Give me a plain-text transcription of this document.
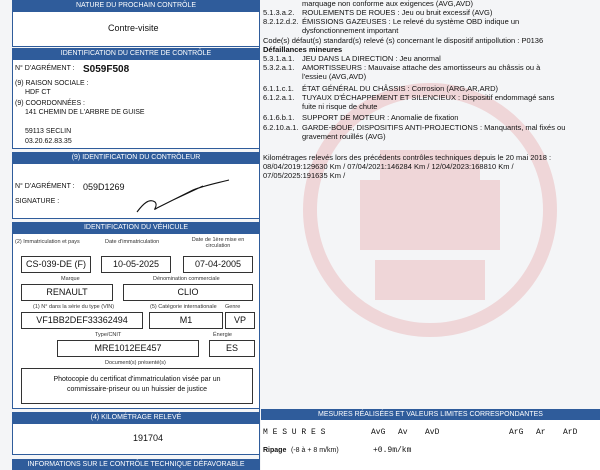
NATURE DU PROCHAIN CONTRÔLE
Contre-visite
IDENTIFICATION DU CENTRE DE CONTRÔLE
N° D'AGRÉMENT : S059F508
(9) RAISON SOCIALE :
HDF CT
(9) COORDONNÉES :
141 CHEMIN DE L'ARBRE DE GUISE
59113 SECLIN
03.20.62.83.35
(9) IDENTIFICATION DU CONTRÔLEUR
N° D'AGRÉMENT : 059D1269
SIGNATURE :
IDENTIFICATION DU VÉHICULE
(2) Immatriculation et pays	Date d'immatriculation	Date de 1ère mise en circulation
CS-039-DE (F)	10-05-2025	07-04-2005
Marque	Dénomination commerciale
RENAULT	CLIO
(1) N° dans la série du type (VIN)	(5) Catégorie internationale Genre
VF1BB2DEF33362494	M1	VP
Type/CNIT	Énergie
MRE1012EE457	ES
Document(s) présenté(s)
Photocopie du certificat d'immatriculation visée par un
commissaire-priseur ou un huissier de justice
(4) KILOMÉTRAGE RELEVÉ
191704
INFORMATIONS SUR LE CONTRÔLE TECHNIQUE DÉFAVORABLE
marquage non conforme aux exigences (AVG,AVD)
5.1.3.a.2. ROULEMENTS DE ROUES : Jeu ou bruit excessif (AVG)
8.2.12.d.2. ÉMISSIONS GAZEUSES : Le relevé du système OBD indique un
dysfonctionnement important
Code(s) défaut(s) standard(s) relevé (s) concernant le dispositif antipollution : P0136
Défaillances mineures
5.3.1.a.1. JEU DANS LA DIRECTION : Jeu anormal
5.3.2.a.1. AMORTISSEURS : Mauvaise attache des amortisseurs au châssis ou à
l'essieu (AVG,AVD)
6.1.1.c.1. ÉTAT GÉNÉRAL DU CHÂSSIS : Corrosion (ARG,AR,ARD)
6.1.2.a.1. TUYAUX D'ÉCHAPPEMENT ET SILENCIEUX : Dispositif endommagé sans
fuite ni risque de chute
6.1.6.b.1. SUPPORT DE MOTEUR : Anomalie de fixation
6.2.10.a.1. GARDE-BOUE, DISPOSITIFS ANTI-PROJECTIONS : Manquants, mal fixés ou
gravement rouillés (AVG)
Kilométrages relevés lors des précédents contrôles techniques depuis le 20 mai 2018 :
08/04/2019:129630 Km / 07/04/2021:146284 Km / 12/04/2023:168810 Km /
07/05/2025:191635 Km /
MESURES RÉALISÉES ET VALEURS LIMITES CORRESPONDANTES
M E S U R E S	AvG Av AvD	ArG Ar ArD
Ripage (-8 à + 8 m/km)	+0.9m/km
